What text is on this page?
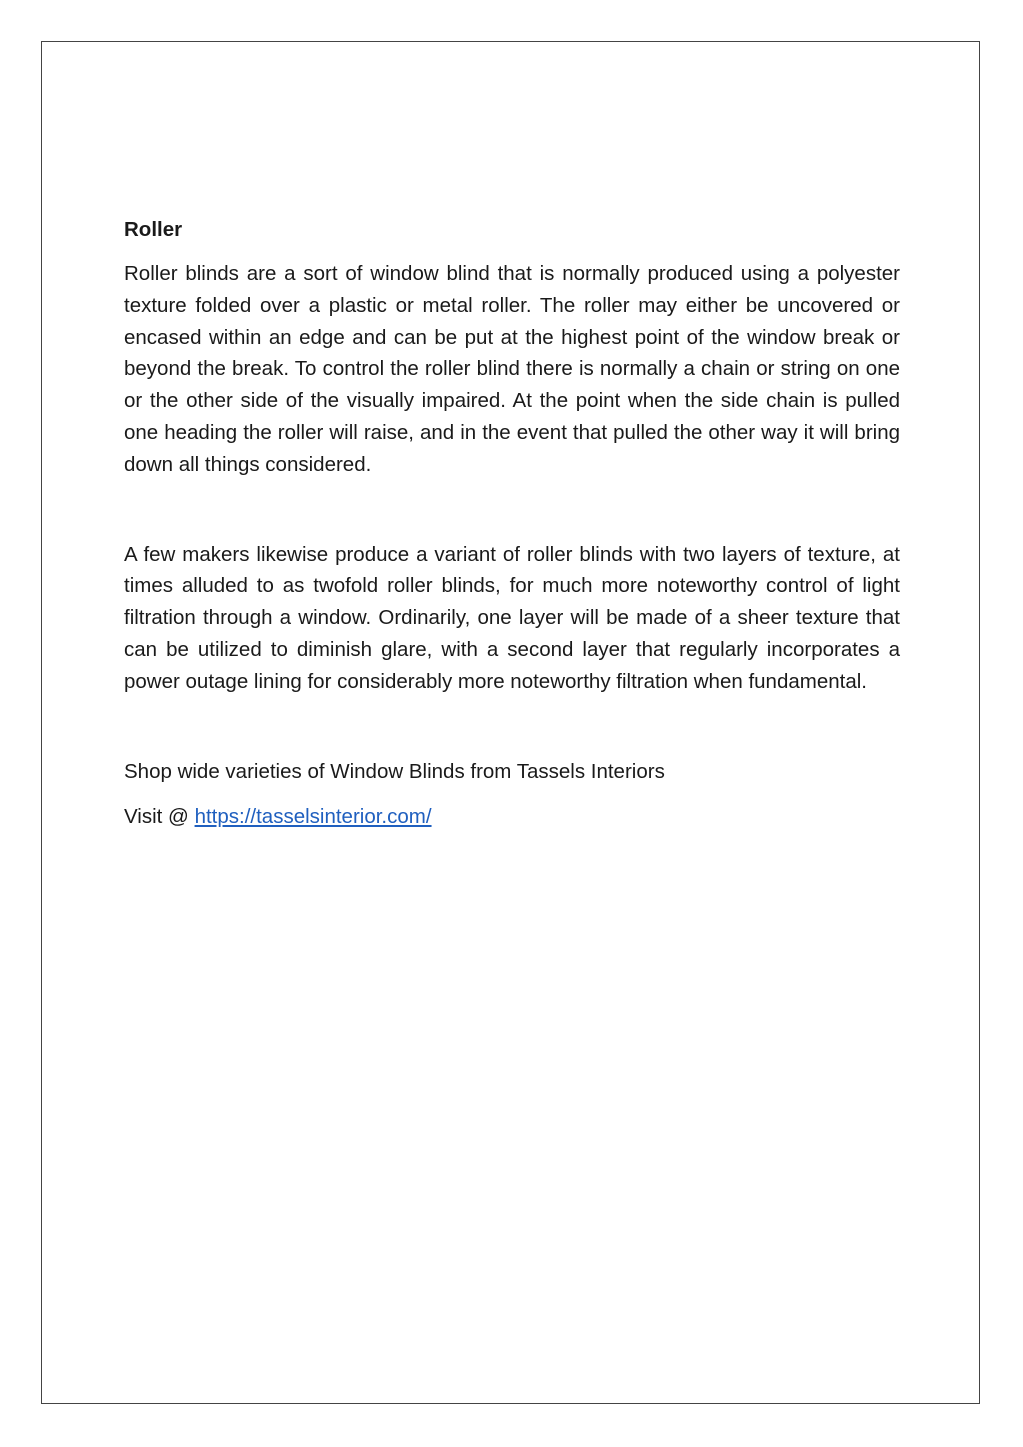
Roller

Roller blinds are a sort of window blind that is normally produced using a polyester texture folded over a plastic or metal roller. The roller may either be uncovered or encased within an edge and can be put at the highest point of the window break or beyond the break. To control the roller blind there is normally a chain or string on one or the other side of the visually impaired. At the point when the side chain is pulled one heading the roller will raise, and in the event that pulled the other way it will bring down all things considered.

A few makers likewise produce a variant of roller blinds with two layers of texture, at times alluded to as twofold roller blinds, for much more noteworthy control of light filtration through a window. Ordinarily, one layer will be made of a sheer texture that can be utilized to diminish glare, with a second layer that regularly incorporates a power outage lining for considerably more noteworthy filtration when fundamental.

Shop wide varieties of Window Blinds from Tassels Interiors

Visit @ https://tasselsinterior.com/
